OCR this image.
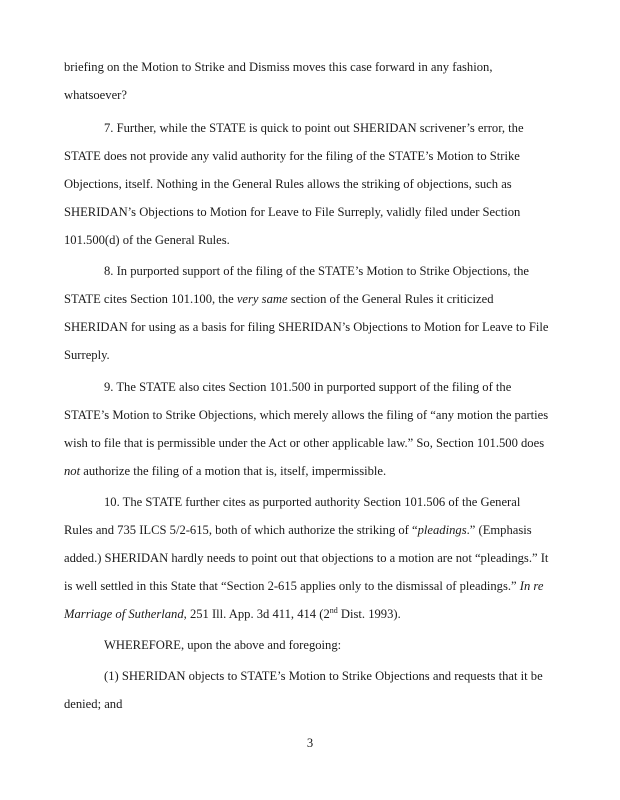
briefing on the Motion to Strike and Dismiss moves this case forward in any fashion,
whatsoever?
7. Further, while the STATE is quick to point out SHERIDAN scrivener’s error, the
STATE does not provide any valid authority for the filing of the STATE’s Motion to Strike
Objections, itself. Nothing in the General Rules allows the striking of objections, such as
SHERIDAN’s Objections to Motion for Leave to File Surreply, validly filed under Section
101.500(d) of the General Rules.
8. In purported support of the filing of the STATE’s Motion to Strike Objections, the
STATE cites Section 101.100, the very same section of the General Rules it criticized
SHERIDAN for using as a basis for filing SHERIDAN’s Objections to Motion for Leave to File
Surreply.
9. The STATE also cites Section 101.500 in purported support of the filing of the
STATE’s Motion to Strike Objections, which merely allows the filing of “any motion the parties
wish to file that is permissible under the Act or other applicable law.” So, Section 101.500 does
not authorize the filing of a motion that is, itself, impermissible.
10. The STATE further cites as purported authority Section 101.506 of the General
Rules and 735 ILCS 5/2-615, both of which authorize the striking of “pleadings.” (Emphasis
added.) SHERIDAN hardly needs to point out that objections to a motion are not “pleadings.” It
is well settled in this State that “Section 2-615 applies only to the dismissal of pleadings.” In re
Marriage of Sutherland, 251 Ill. App. 3d 411, 414 (2nd Dist. 1993).
WHEREFORE, upon the above and foregoing:
(1) SHERIDAN objects to STATE’s Motion to Strike Objections and requests that it be
denied; and
3
